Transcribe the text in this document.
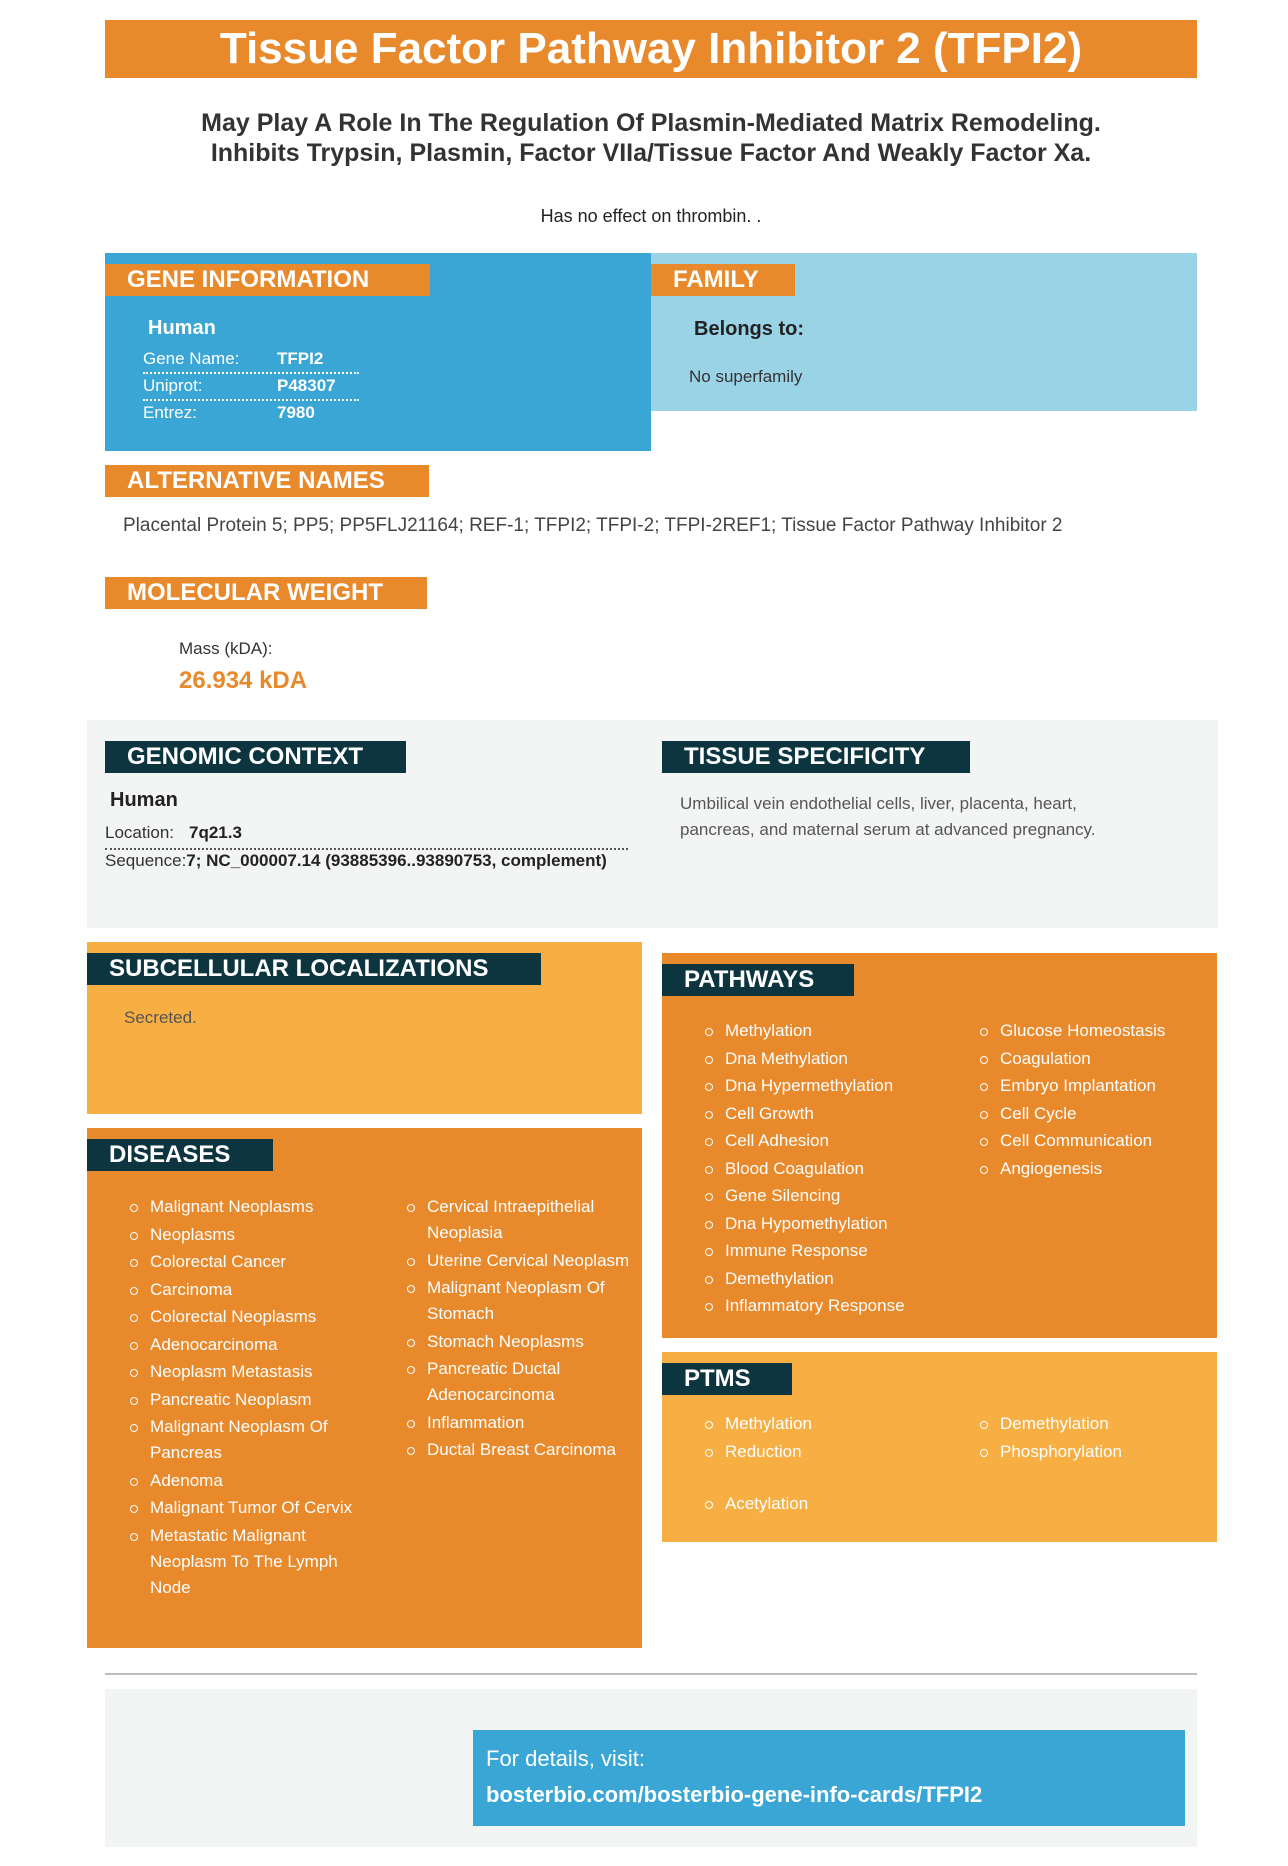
Tissue Factor Pathway Inhibitor 2 (TFPI2)
May Play A Role In The Regulation Of Plasmin-Mediated Matrix Remodeling.
Inhibits Trypsin, Plasmin, Factor VIIa/Tissue Factor And Weakly Factor Xa.
Has no effect on thrombin. .
GENE INFORMATION
Human
Gene Name: TFPI2
Uniprot:	P48307
Entrez:	7980
FAMILY
Belongs to:
No superfamily
ALTERNATIVE NAMES
Placental Protein 5; PP5; PP5FLJ21164; REF-1; TFPI2; TFPI-2; TFPI-2REF1; Tissue Factor Pathway Inhibitor 2
MOLECULAR WEIGHT
Mass (kDA):
26.934 kDA
GENOMIC CONTEXT
Human
Location: 7q21.3
Sequence:7; NC_000007.14 (93885396..93890753, complement)
TISSUE SPECIFICITY
Umbilical vein endothelial cells, liver, placenta, heart,
pancreas, and maternal serum at advanced pregnancy.
SUBCELLULAR LOCALIZATIONS
Secreted.
DISEASES
Malignant Neoplasms
Neoplasms
Colorectal Cancer
Carcinoma
Colorectal Neoplasms
Adenocarcinoma
Neoplasm Metastasis
Pancreatic Neoplasm
Malignant Neoplasm Of Pancreas
Adenoma
Malignant Tumor Of Cervix
Metastatic Malignant Neoplasm To The Lymph Node
Cervical Intraepithelial Neoplasia
Uterine Cervical Neoplasm
Malignant Neoplasm Of Stomach
Stomach Neoplasms
Pancreatic Ductal Adenocarcinoma
Inflammation
Ductal Breast Carcinoma
PATHWAYS
Methylation
Dna Methylation
Dna Hypermethylation
Cell Growth
Cell Adhesion
Blood Coagulation
Gene Silencing
Dna Hypomethylation
Immune Response
Demethylation
Inflammatory Response
Glucose Homeostasis
Coagulation
Embryo Implantation
Cell Cycle
Cell Communication
Angiogenesis
PTMS
Methylation
Reduction
Demethylation
Phosphorylation
Acetylation
For details, visit:
bosterbio.com/bosterbio-gene-info-cards/TFPI2
